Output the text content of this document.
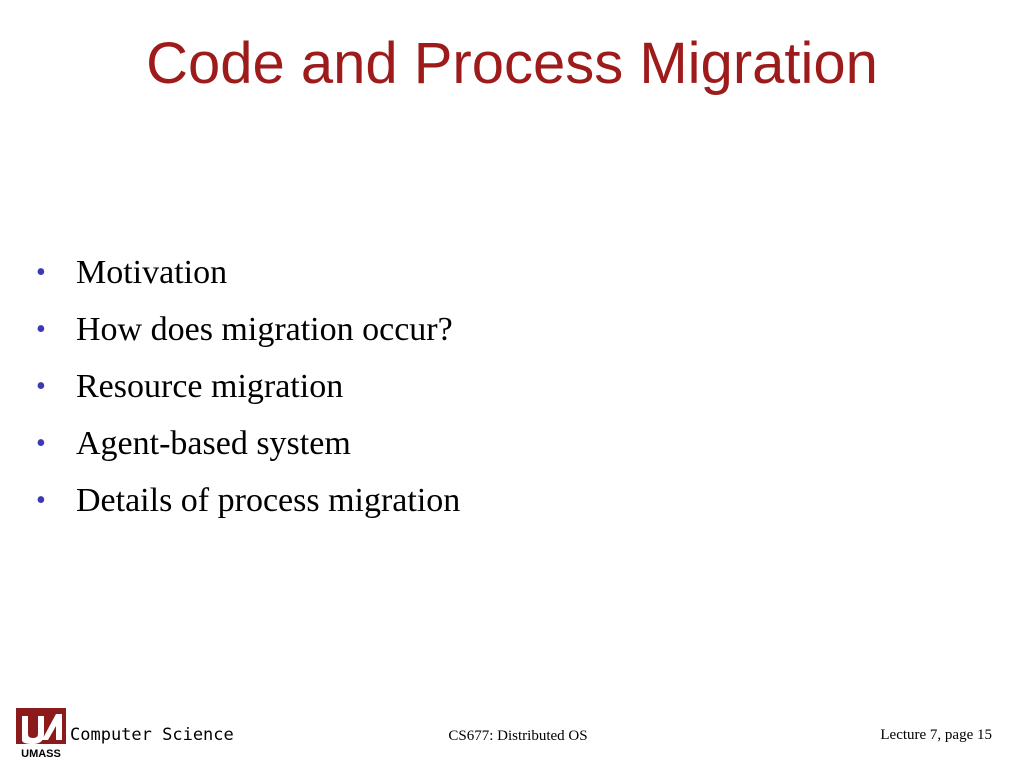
Code and Process Migration
• Motivation
• How does migration occur?
• Resource migration
• Agent-based system
• Details of process migration
UMASS
Computer Science	CS677: Distributed OS	Lecture 7, page 15
